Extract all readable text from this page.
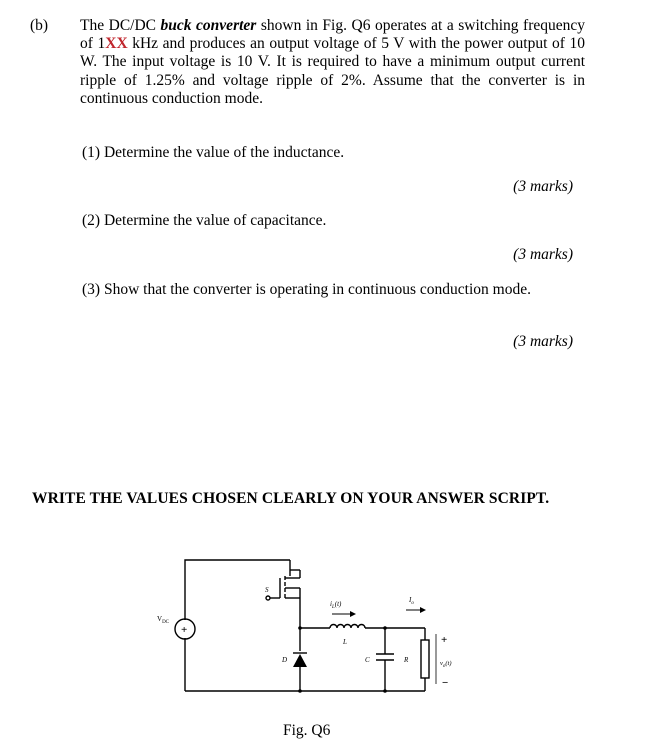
(b) The DC/DC buck converter shown in Fig. Q6 operates at a switching frequency of 1XX kHz and produces an output voltage of 5 V with the power output of 10 W. The input voltage is 10 V. It is required to have a minimum output current ripple of 1.25% and voltage ripple of 2%. Assume that the converter is in continuous conduction mode.
(1) Determine the value of the inductance.
(3 marks)
(2) Determine the value of capacitance.
(3 marks)
(3) Show that the converter is operating in continuous conduction mode.
(3 marks)
WRITE THE VALUES CHOSEN CLEARLY ON YOUR ANSWER SCRIPT.
+
$V_{DC}$
S
$i_L(t)$
L
$I_o$
D	C	R
+
−
$v_o(t)$
Fig. Q6
